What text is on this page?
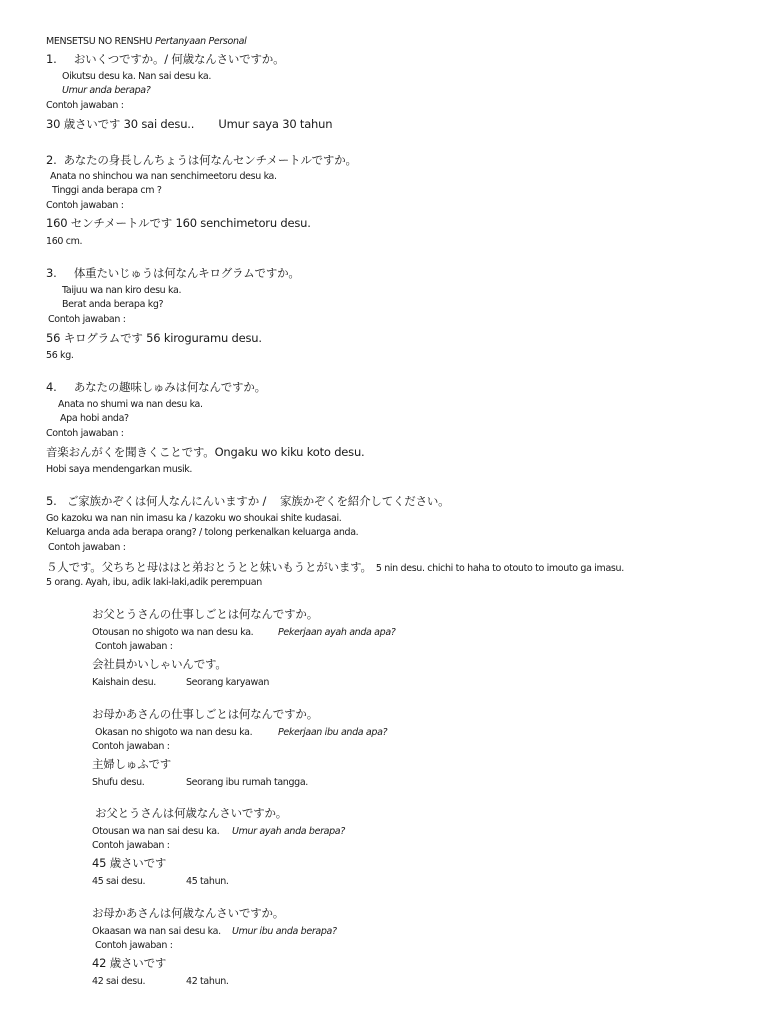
MENSETSU NO RENSHU Pertanyaan Personal

1.     おいくつですか。/ 何歳なんさいですか。

Oikutsu desu ka. Nan sai desu ka.

Umur anda berapa?

Contoh jawaban :

30 歳さいです 30 sai desu..       Umur saya 30 tahun

2.  あなたの身長しんちょうは何なんセンチメートルですか。

Anata no shinchou wa nan senchimeetoru desu ka.

Tinggi anda berapa cm ?

Contoh jawaban :

160 センチメートルです 160 senchimetoru desu.

160 cm.

3.     体重たいじゅうは何なんキログラムですか。

Taijuu wa nan kiro desu ka.

Berat anda berapa kg?

Contoh jawaban :

56 キログラムです 56 kiroguramu desu.

56 kg.

4.     あなたの趣味しゅみは何なんですか。

Anata no shumi wa nan desu ka.

Apa hobi anda?

Contoh jawaban :

音楽おんがくを聞きくことです。Ongaku wo kiku koto desu.

Hobi saya mendengarkan musik.

5.   ご家族かぞくは何人なんにんいますか /    家族かぞくを紹介してください。

Go kazoku wa nan nin imasu ka / kazoku wo shoukai shite kudasai.

Keluarga anda ada berapa orang? / tolong perkenalkan keluarga anda.

Contoh jawaban :

５人です。父ちちと母ははと弟おとうとと妹いもうとがいます。 5 nin desu. chichi to haha to otouto to imouto ga imasu.

5 orang. Ayah, ibu, adik laki-laki,adik perempuan

お父とうさんの仕事しごとは何なんですか。

Otousan no shigoto wa nan desu ka.	Pekerjaan ayah anda apa?

Contoh jawaban :

会社員かいしゃいんです。

Kaishain desu.	Seorang karyawan

お母かあさんの仕事しごとは何なんですか。

Okasan no shigoto wa nan desu ka.	Pekerjaan ibu anda apa?

Contoh jawaban :

主婦しゅふです

Shufu desu.	Seorang ibu rumah tangga.

お父とうさんは何歳なんさいですか。

Otousan wa nan sai desu ka. Umur ayah anda berapa?

Contoh jawaban :

45 歳さいです

45 sai desu.	45 tahun.

お母かあさんは何歳なんさいですか。

Okaasan wa nan sai desu ka. Umur ibu anda berapa?

Contoh jawaban :

42 歳さいです

42 sai desu.	42 tahun.
